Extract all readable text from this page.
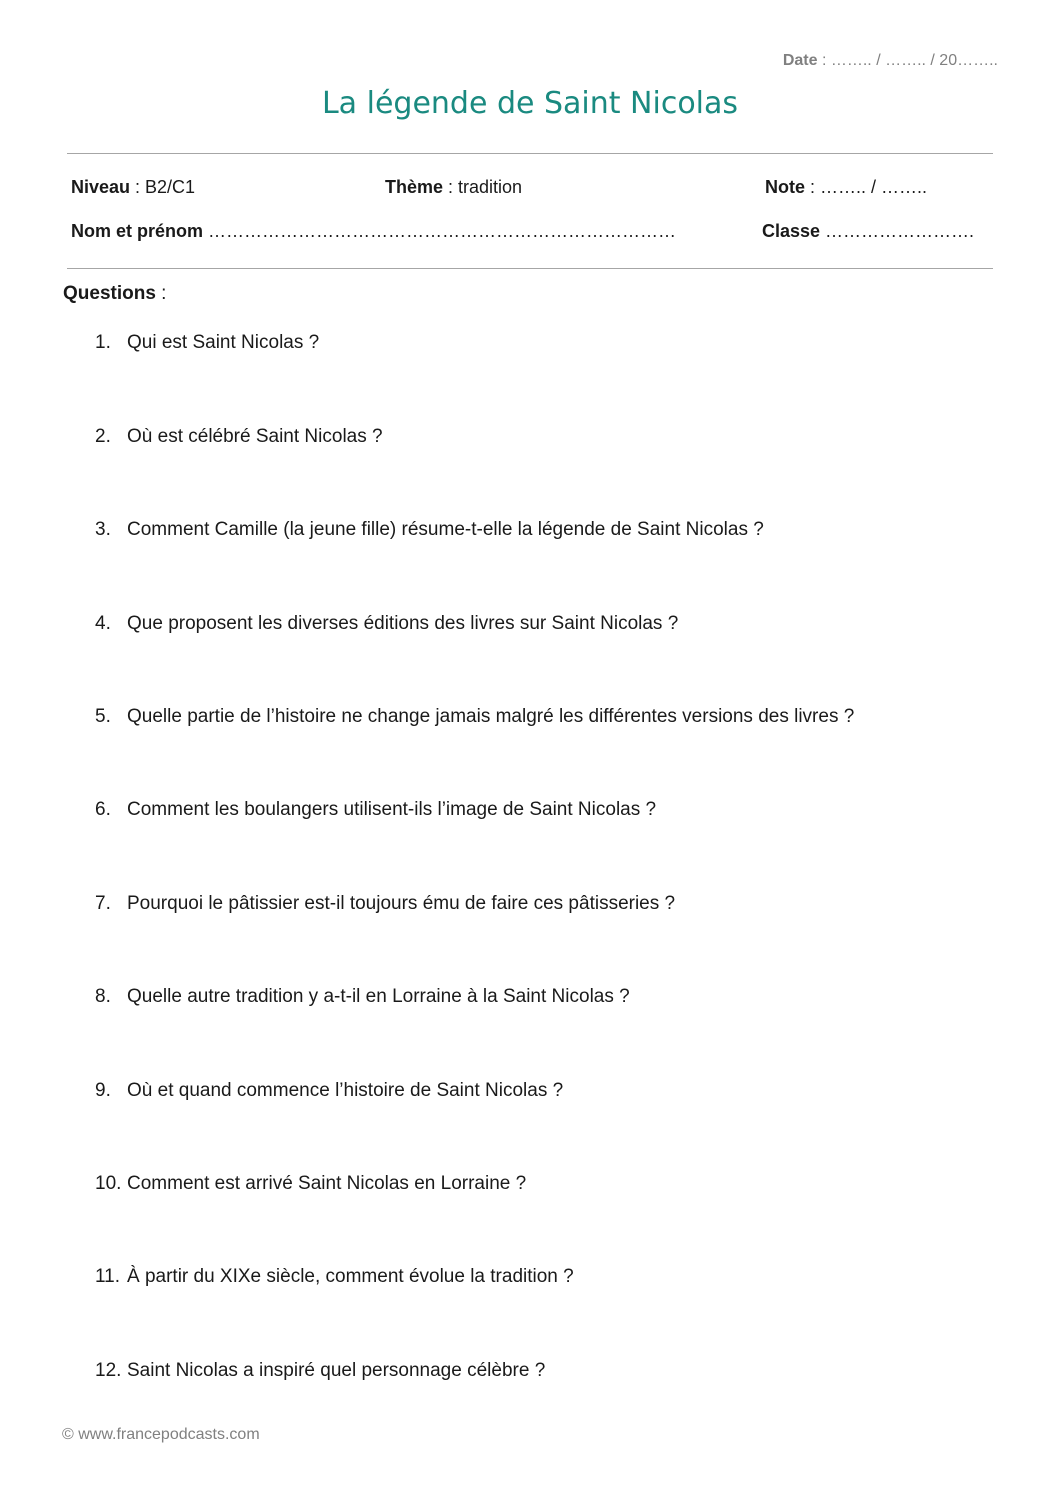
Date : …….. / …….. / 20……..
La légende de Saint Nicolas
Niveau : B2/C1	Thème : tradition	Note : …….. / ……..
Nom et prénom ……………………………………………………………………	Classe …………………….
Questions :
1. Qui est Saint Nicolas ?
2. Où est célébré Saint Nicolas ?
3. Comment Camille (la jeune fille) résume-t-elle la légende de Saint Nicolas ?
4. Que proposent les diverses éditions des livres sur Saint Nicolas ?
5. Quelle partie de l’histoire ne change jamais malgré les différentes versions des livres ?
6. Comment les boulangers utilisent-ils l’image de Saint Nicolas ?
7. Pourquoi le pâtissier est-il toujours ému de faire ces pâtisseries ?
8. Quelle autre tradition y a-t-il en Lorraine à la Saint Nicolas ?
9. Où et quand commence l’histoire de Saint Nicolas ?
10. Comment est arrivé Saint Nicolas en Lorraine ?
11. À partir du XIXe siècle, comment évolue la tradition ?
12. Saint Nicolas a inspiré quel personnage célèbre ?
© www.francepodcasts.com
